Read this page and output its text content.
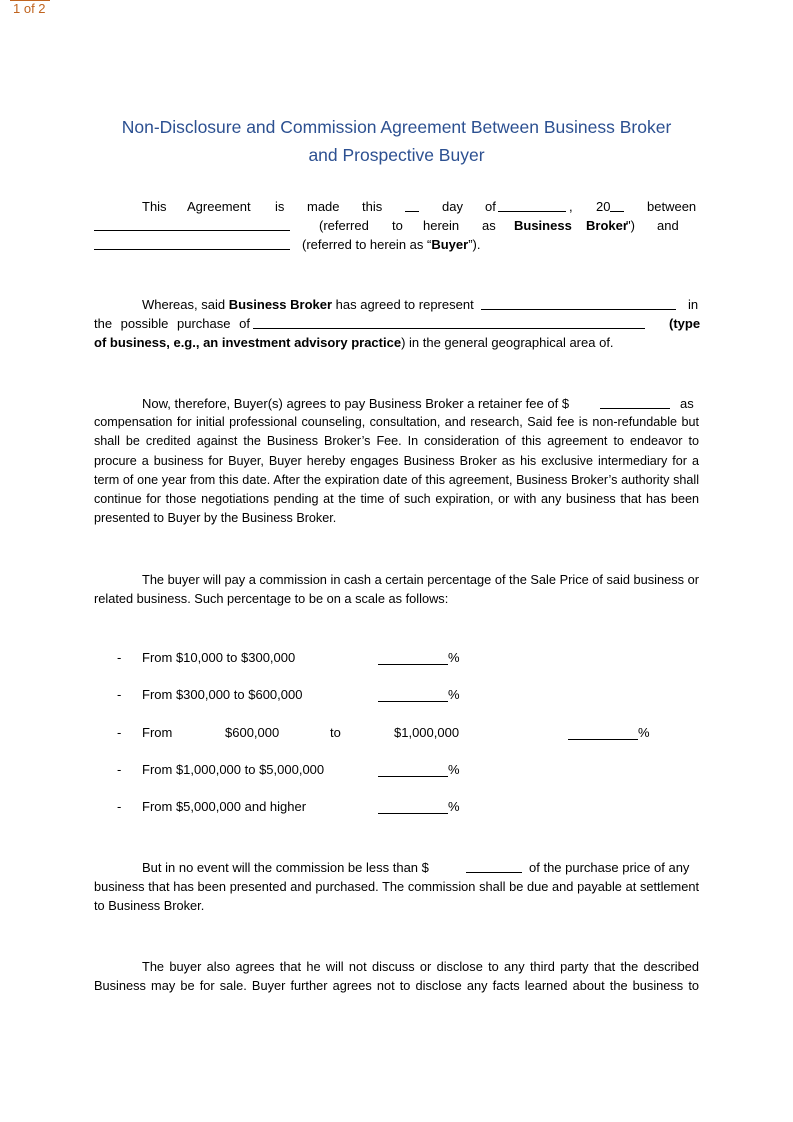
1 of 2
Non-Disclosure and Commission Agreement Between Business Broker
and Prospective Buyer
This Agreement is made this	day of	, 20	between
(referred to herein as Business Broker
") and
(referred to herein as “Buyer”).
Whereas, said Business Broker has agreed to represent	in
the possible purchase of	(type
of business, e.g., an investment advisory practice) in the general geographical area of.
Now, therefore, Buyer(s) agrees to pay Business Broker a retainer fee of $	as
compensation for initial professional counseling, consultation, and research, Said fee is non-refundable but shall be credited against the Business Broker’s Fee. In consideration of this agreement to endeavor to procure a business for Buyer, Buyer hereby engages Business Broker as his exclusive intermediary for a term of one year from this date. After the expiration date of this agreement, Business Broker’s authority shall continue for those negotiations pending at the time of such expiration, or with any business that has been presented to Buyer by the Business Broker.
The buyer will pay a commission in cash a certain percentage of the Sale Price of said business or related business. Such percentage to be on a scale as follows:
- From $10,000 to $300,000	%
- From $300,000 to $600,000	%
- From	$600,000	to	$1,000,000	%
- From $1,000,000 to $5,000,000	%
- From $5,000,000 and higher	%
But in no event will the commission be less than $	of the purchase price of any
business that has been presented and purchased. The commission shall be due and payable at settlement to Business Broker.
The buyer also agrees that he will not discuss or disclose to any third party that the described Business may be for sale. Buyer further agrees not to disclose any facts learned about the business to
